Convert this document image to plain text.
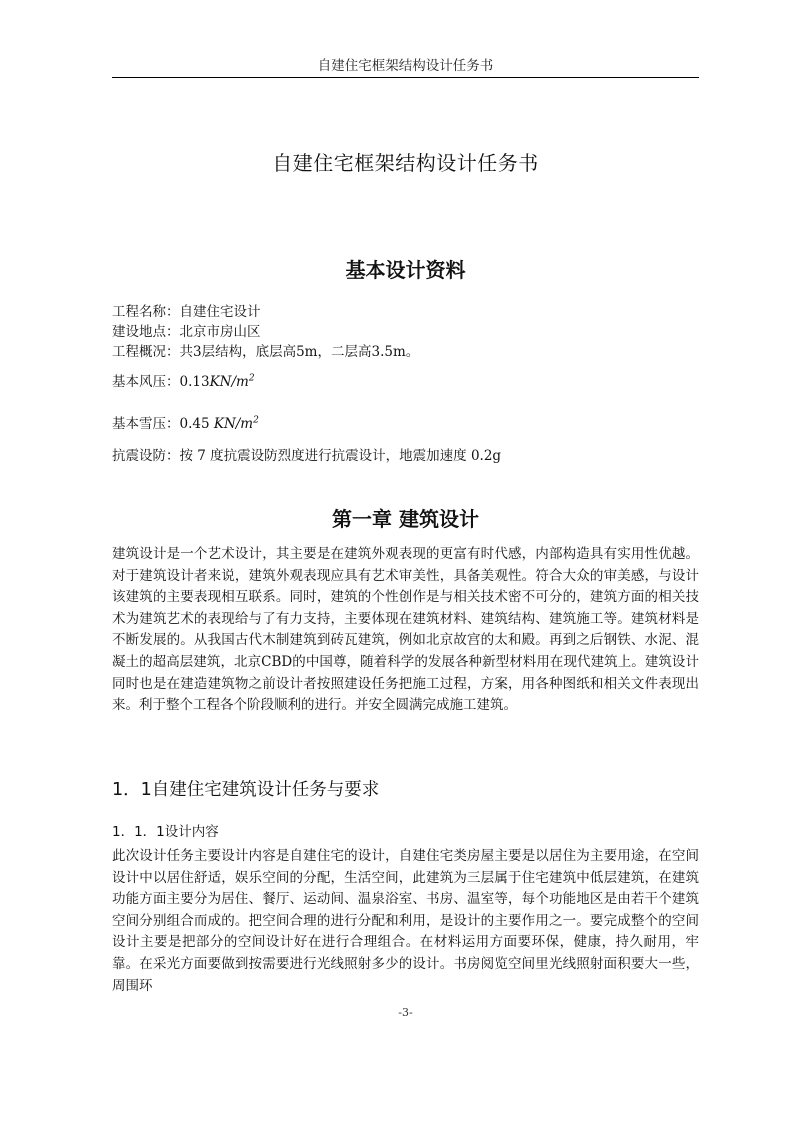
自建住宅框架结构设计任务书
自建住宅框架结构设计任务书
基本设计资料
工程名称：自建住宅设计
建设地点：北京市房山区
工程概况：共3层结构，底层高5m，二层高3.5m。
基本风压：$0.13KN/m^2$
基本雪压：0.45 $KN/m^2$
抗震设防：按 7 度抗震设防烈度进行抗震设计，地震加速度 0.2g
第一章 建筑设计

建筑设计是一个艺术设计，其主要是在建筑外观表现的更富有时代感，内部构造具有实用性优越。对于建筑设计者来说，建筑外观表现应具有艺术审美性，具备美观性。符合大众的审美感，与设计该建筑的主要表现相互联系。同时，建筑的个性创作是与相关技术密不可分的，建筑方面的相关技术为建筑艺术的表现给与了有力支持，主要体现在建筑材料、建筑结构、建筑施工等。建筑材料是不断发展的。从我国古代木制建筑到砖瓦建筑，例如北京故宫的太和殿。再到之后钢铁、水泥、混凝土的超高层建筑，北京CBD的中国尊，随着科学的发展各种新型材料用在现代建筑上。建筑设计同时也是在建造建筑物之前设计者按照建设任务把施工过程，方案，用各种图纸和相关文件表现出来。利于整个工程各个阶段顺利的进行。并安全圆满完成施工建筑。

1．1自建住宅建筑设计任务与要求
1．1．1设计内容

此次设计任务主要设计内容是自建住宅的设计，自建住宅类房屋主要是以居住为主要用途，在空间设计中以居住舒适，娱乐空间的分配，生活空间，此建筑为三层属于住宅建筑中低层建筑，在建筑功能方面主要分为居住、餐厅、运动间、温泉浴室、书房、温室等，每个功能地区是由若干个建筑空间分别组合而成的。把空间合理的进行分配和利用，是设计的主要作用之一。要完成整个的空间设计主要是把部分的空间设计好在进行合理组合。在材料运用方面要环保，健康，持久耐用，牢靠。在采光方面要做到按需要进行光线照射多少的设计。书房阅览空间里光线照射面积要大一些，周围环

-3-
